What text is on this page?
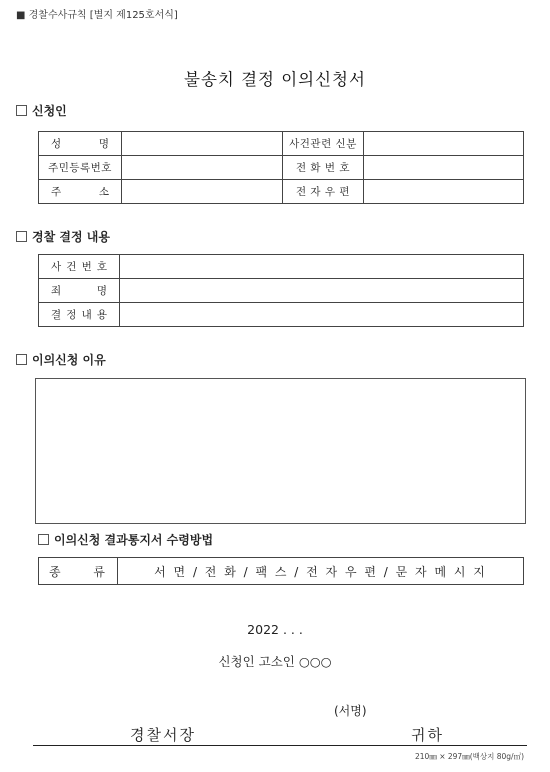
■ 경찰수사규칙 [별지 제125호서식]
불송치 결정 이의신청서
신청인
성 명		사건관련 신분	
주민등록번호		전 화 번 호	
주 소		전 자 우 편	
경찰 결정 내용
사 건 번 호	
죄 명	
결 정 내 용	
이의신청 이유
이의신청 결과통지서 수령방법
종 류	서 면 / 전 화 / 팩 스 / 전 자 우 편 / 문 자 메 시 지
2022 . . .
신청인 고소인 ○○○
(서명)
경찰서장	귀하
210㎜ × 297㎜(백상지 80g/㎡)
